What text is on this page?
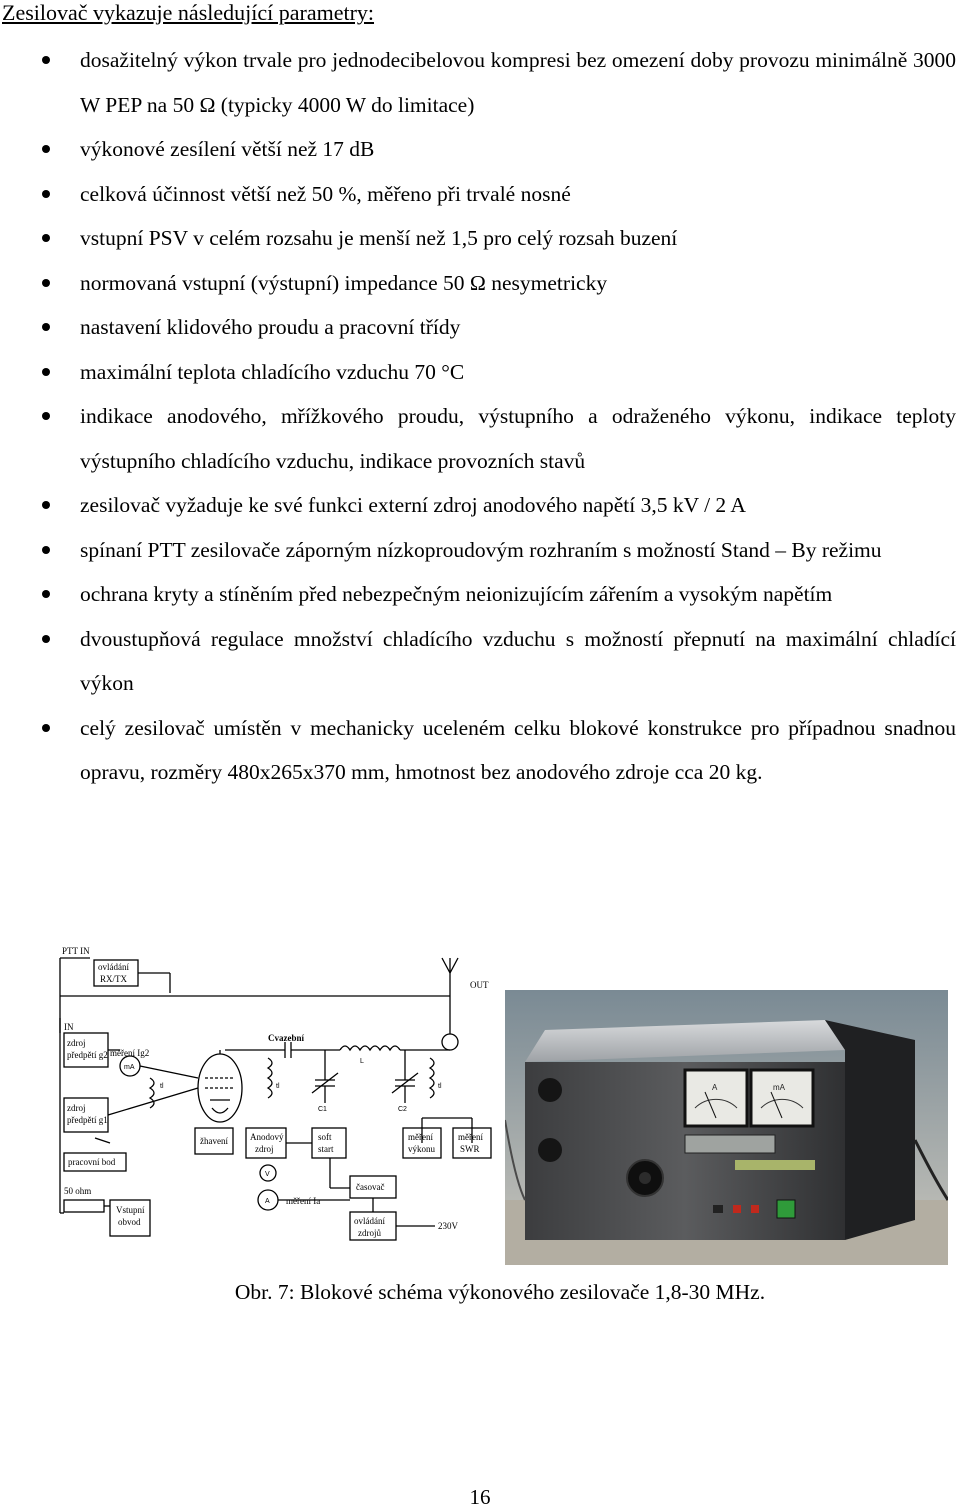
Zesilovač vykazuje následující parametry:
dosažitelný výkon trvale pro jednodecibelovou kompresi bez omezení doby provozu minimálně 3000 W PEP na 50 Ω (typicky 4000 W do limitace)
výkonové zesílení větší než 17 dB
celková účinnost větší než 50 %, měřeno při trvalé nosné
vstupní PSV v celém rozsahu je menší než 1,5 pro celý rozsah buzení
normovaná vstupní (výstupní) impedance 50 Ω nesymetricky
nastavení klidového proudu a pracovní třídy
maximální teplota chladícího vzduchu 70 °C
indikace anodového, mřížkového proudu, výstupního a odraženého výkonu, indikace teploty výstupního chladícího vzduchu, indikace provozních stavů
zesilovač vyžaduje ke své funkci externí zdroj anodového napětí 3,5 kV / 2 A
spínaní PTT zesilovače záporným nízkoproudovým rozhraním s možností Stand – By režimu
ochrana kryty a stíněním před nebezpečným neionizujícím zářením a vysokým napětím
dvoustupňová regulace množství chladícího vzduchu s možností přepnutí na maximální chladící výkon
celý zesilovač umístěn v mechanicky uceleném celku blokové konstrukce pro případnou snadnou opravu, rozměry 480x265x370 mm, hmotnost bez anodového zdroje cca 20 kg.
PTT IN
ovládání
RX/TX
IN
OUT
Cvazební
měření Ig2
zdroj
předpětí g2
zdroj
předpětí g1
pracovní bod
50 ohm
Vstupní
obvod
žhavení Anodový
zdroj
soft
start
měření
výkonu
měření
SWR
měření Ia
časovač
ovládání
zdrojů
230V
mA
A
V
C1	C2
L
tl	tl	tl	A	mA
Obr. 7: Blokové schéma výkonového zesilovače 1,8-30 MHz.
16
